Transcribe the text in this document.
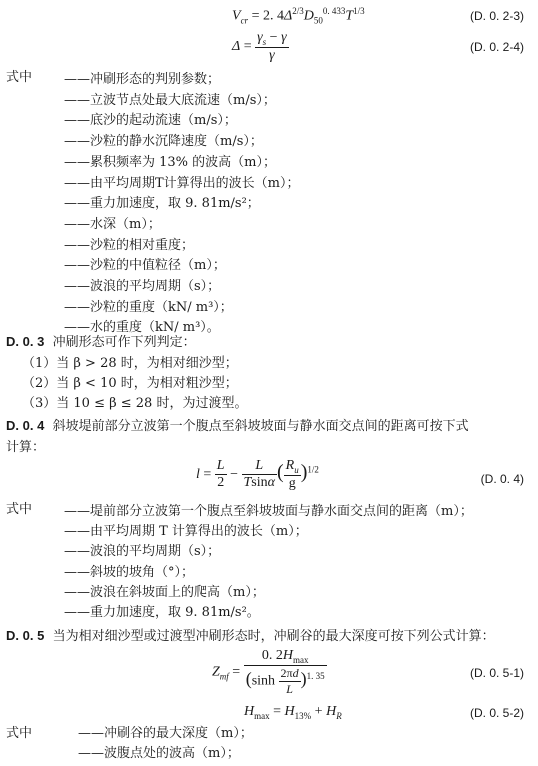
$V_{cr} = 2$. $4\Delta^{2/3}D_{50}^{0. 433}T^{1/3}$	(D. 0. 2-3)
$\Delta = \frac{\gamma_s - \gamma}{\gamma}$	(D. 0. 2-4)
式中 ——冲刷形态的判别参数；
——立波节点处最大底流速（m/s）；
——底沙的起动流速（m/s）；
——沙粒的静水沉降速度（m/s）；
——累积频率为 13% 的波高（m）；
——由平均周期T计算得出的波长（m）；
——重力加速度，取 9. 81m/s²；
——水深（m）；
——沙粒的相对重度；
——沙粒的中值粒径（m）；
——波浪的平均周期（s）；
——沙粒的重度（kN/ m³）；
——水的重度（kN/ m³）。
D. 0. 3 冲刷形态可作下列判定：
（1）当 β > 28 时，为相对细沙型；
（2）当 β < 10 时，为相对粗沙型；
（3）当 10 ≤ β ≤ 28 时，为过渡型。
D. 0. 4 斜坡堤前部分立波第一个腹点至斜坡坡面与静水面交点间的距离可按下式
计算：
$l = \frac{L}{2} - \frac{L}{Tsin\alpha}$ ( $\frac{R_u}{g} )^{1/2}$
(D. 0. 4)
式中 ——堤前部分立波第一个腹点至斜坡坡面与静水面交点间的距离（m）；
——由平均周期 T 计算得出的波长（m）；
——波浪的平均周期（s）；
——斜坡的坡角（°）；
——波浪在斜坡面上的爬高（m）；
——重力加速度，取 9. 81m/s²。
D. 0. 5 当为相对细沙型或过渡型冲刷形态时，冲刷谷的最大深度可按下列公式计算：
$Z_{mf} = \frac{0. 2H_{max}}{(\sinh \frac{2\pi d}{L} )^{1. 35}}$	(D. 0. 5-1)
$H_{max} = H_{13\%} + H_R$	(D. 0. 5-2)
式中	——冲刷谷的最大深度（m）；
——波腹点处的波高（m）；
